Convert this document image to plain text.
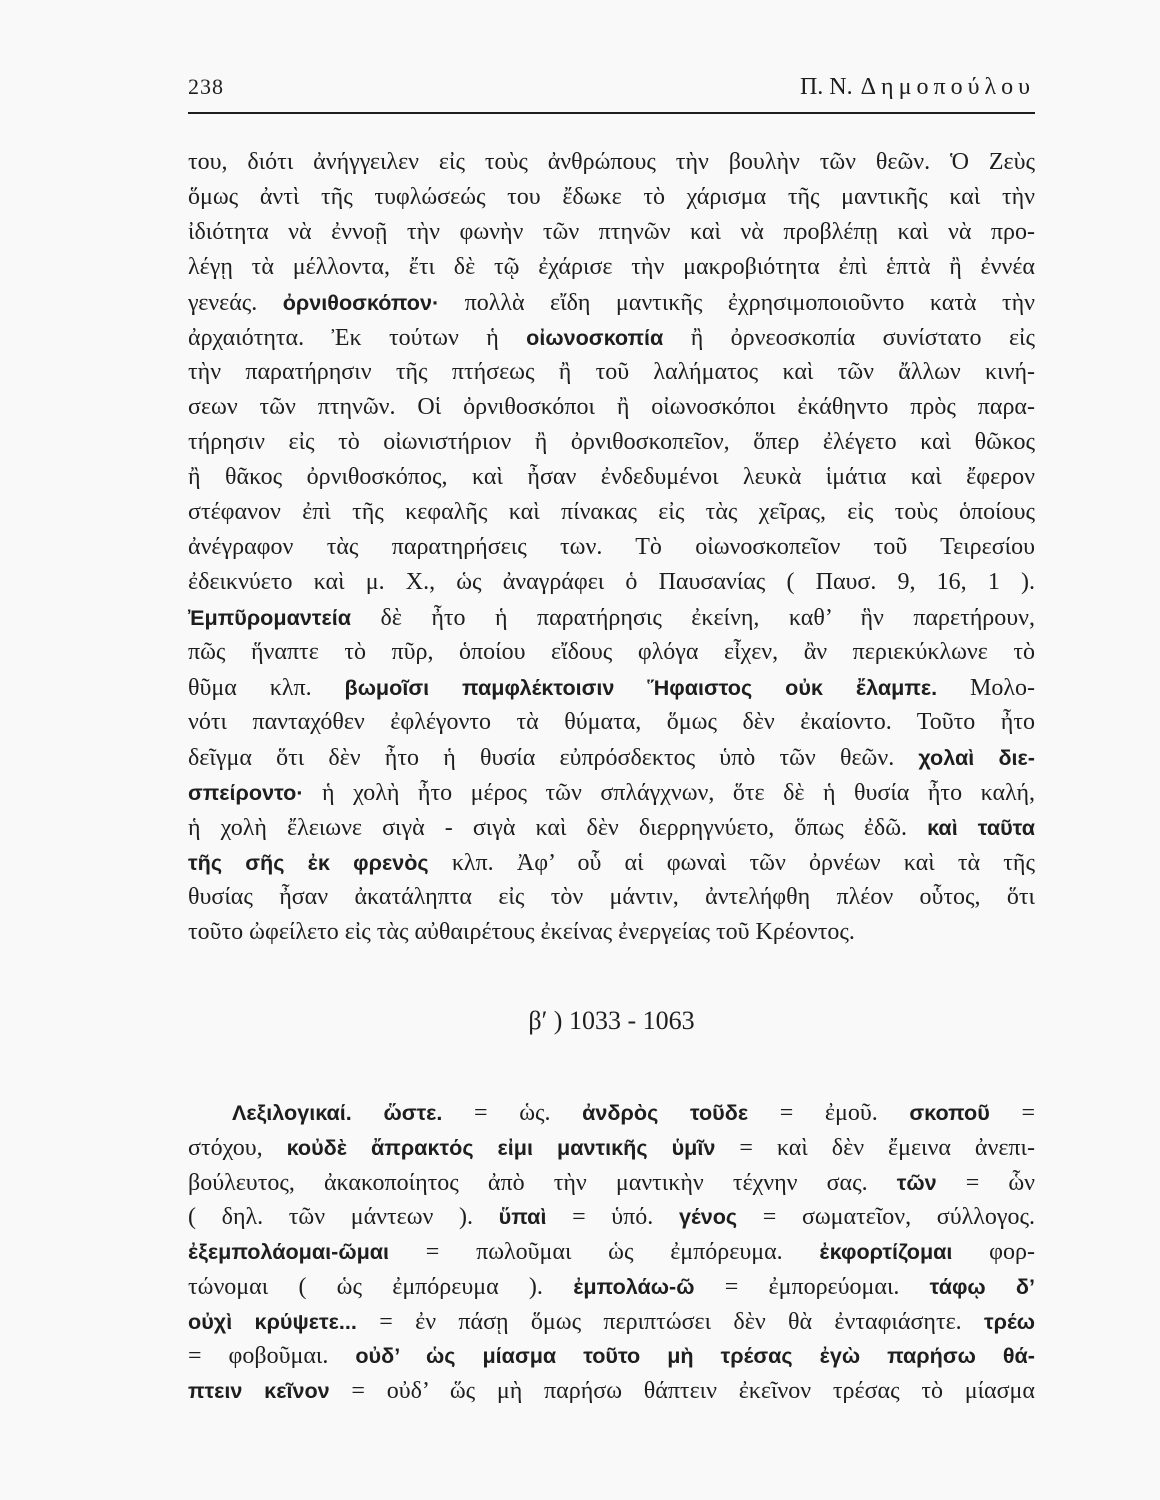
238	Π. Ν. Δημοπούλου
του, διότι ἀνήγγειλεν εἰς τοὺς ἀνθρώπους τὴν βουλὴν τῶν θεῶν. Ὁ Ζεὺς
ὅμως ἀντὶ τῆς τυφλώσεώς του ἔδωκε τὸ χάρισμα τῆς μαντικῆς καὶ τὴν
ἰδιότητα νὰ ἐννοῇ τὴν φωνὴν τῶν πτηνῶν καὶ νὰ προβλέπῃ καὶ νὰ προ-
λέγῃ τὰ μέλλοντα, ἔτι δὲ τῷ ἐχάρισε τὴν μακροβιότητα ἐπὶ ἑπτὰ ἢ ἐννέα
γενεάς. ὀρνιθοσκόπον· πολλὰ εἴδη μαντικῆς ἐχρησιμοποιοῦντο κατὰ τὴν
ἀρχαιότητα. Ἐκ τούτων ἡ οἰωνοσκοπία ἢ ὀρνεοσκοπία συνίστατο εἰς
τὴν παρατήρησιν τῆς πτήσεως ἢ τοῦ λαλήματος καὶ τῶν ἄλλων κινή-
σεων τῶν πτηνῶν. Οἱ ὀρνιθοσκόποι ἢ οἰωνοσκόποι ἐκάθηντο πρὸς παρα-
τήρησιν εἰς τὸ οἰωνιστήριον ἢ ὀρνιθοσκοπεῖον, ὅπερ ἐλέγετο καὶ θῶκος
ἢ θᾶκος ὀρνιθοσκόπος, καὶ ἦσαν ἐνδεδυμένοι λευκὰ ἱμάτια καὶ ἔφερον
στέφανον ἐπὶ τῆς κεφαλῆς καὶ πίνακας εἰς τὰς χεῖρας, εἰς τοὺς ὁποίους
ἀνέγραφον τὰς παρατηρήσεις των. Τὸ οἰωνοσκοπεῖον τοῦ Τειρεσίου
ἐδεικνύετο καὶ μ. Χ., ὡς ἀναγράφει ὁ Παυσανίας ( Παυσ. 9, 16, 1 ).
Ἐμπῦρομαντεία δὲ ἦτο ἡ παρατήρησις ἐκείνη, καθ’ ἣν παρετήρουν,
πῶς ἥναπτε τὸ πῦρ, ὁποίου εἴδους φλόγα εἶχεν, ἂν περιεκύκλωνε τὸ
θῦμα κλπ. βωμοῖσι παμφλέκτοισιν Ἥφαιστος οὐκ ἔλαμπε. Μολο-
νότι πανταχόθεν ἐφλέγοντο τὰ θύματα, ὅμως δὲν ἐκαίοντο. Τοῦτο ἦτο
δεῖγμα ὅτι δὲν ἦτο ἡ θυσία εὐπρόσδεκτος ὑπὸ τῶν θεῶν. χολαὶ διε-
σπείροντο· ἡ χολὴ ἦτο μέρος τῶν σπλάγχνων, ὅτε δὲ ἡ θυσία ἦτο καλή,
ἡ χολὴ ἔλειωνε σιγὰ - σιγὰ καὶ δὲν διερρηγνύετο, ὅπως ἐδῶ. καὶ ταῦτα
τῆς σῆς ἐκ φρενὸς κλπ. Ἀφ’ οὗ αἱ φωναὶ τῶν ὀρνέων καὶ τὰ τῆς
θυσίας ἦσαν ἀκατάληπτα εἰς τὸν μάντιν, ἀντελήφθη πλέον οὗτος, ὅτι
τοῦτο ὠφείλετο εἰς τὰς αὐθαιρέτους ἐκείνας ἐνεργείας τοῦ Κρέοντος.
β′ ) 1033 - 1063
Λεξιλογικαί. ὥστε. = ὡς. ἀνδρὸς τοῦδε = ἐμοῦ. σκοποῦ =
στόχου, κοὐδὲ ἄπρακτός εἰμι μαντικῆς ὑμῖν = καὶ δὲν ἔμεινα ἀνεπι-
βούλευτος, ἀκακοποίητος ἀπὸ τὴν μαντικὴν τέχνην σας. τῶν = ὧν
( δηλ. τῶν μάντεων ). ὕπαὶ = ὑπό. γένος = σωματεῖον, σύλλογος.
ἐξεμπολάομαι-ῶμαι = πωλοῦμαι ὡς ἐμπόρευμα. ἐκφορτίζομαι φορ-
τώνομαι ( ὡς ἐμπόρευμα ). ἐμπολάω-ῶ = ἐμπορεύομαι. τάφῳ δ’
οὐχὶ κρύψετε... = ἐν πάσῃ ὅμως περιπτώσει δὲν θὰ ἐνταφιάσητε. τρέω
= φοβοῦμαι. οὐδ’ ὡς μίασμα τοῦτο μὴ τρέσας ἐγὼ παρήσω θά-
πτειν κεῖνον = οὐδ’ ὥς μὴ παρήσω θάπτειν ἐκεῖνον τρέσας τὸ μίασμα
